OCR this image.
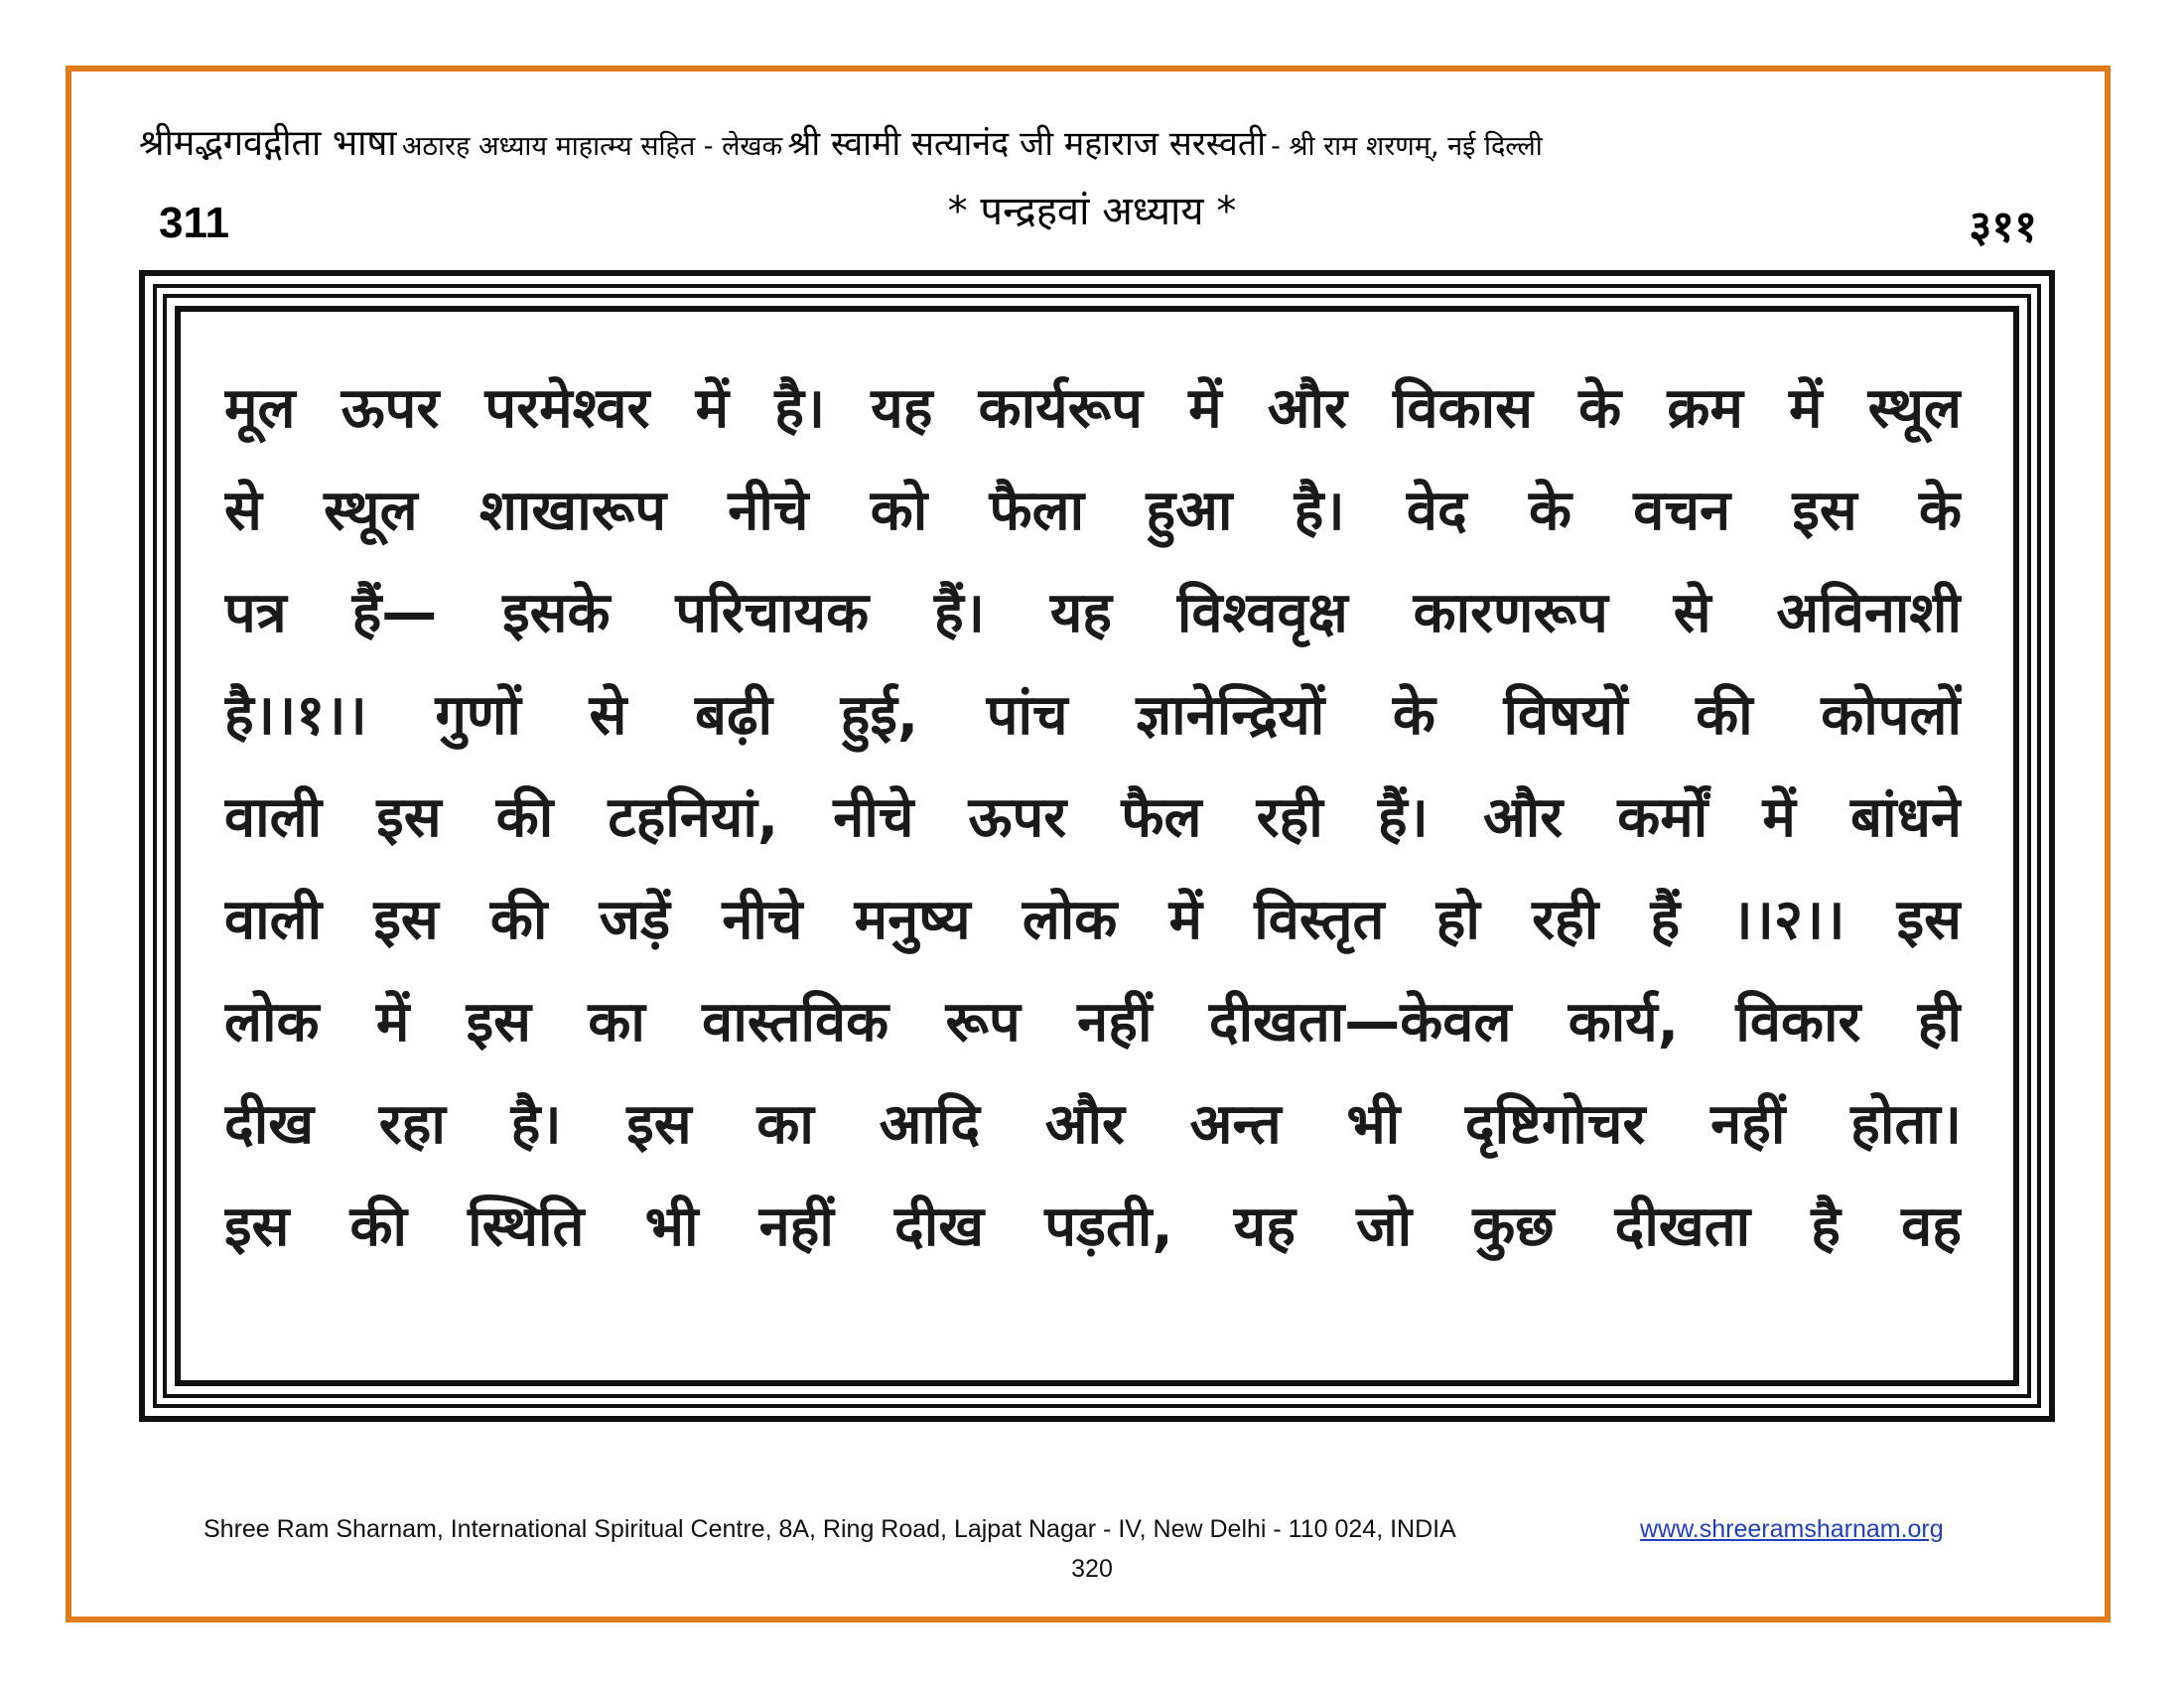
श्रीमद्भगवद्गीता भाषा अठारह अध्याय माहात्म्य सहित - लेखक श्री स्वामी सत्यानंद जी महाराज सरस्वती - श्री राम शरणम्, नई दिल्ली
311	* पन्द्रहवां अध्याय *	३११
मूल ऊपर परमेश्वर में है। यह कार्यरूप में और विकास के क्रम में स्थूल
से स्थूल शाखारूप नीचे को फैला हुआ है। वेद के वचन इस के
पत्र हैं— इसके परिचायक हैं। यह विश्ववृक्ष कारणरूप से अविनाशी
है।।१।। गुणों से बढ़ी हुई, पांच ज्ञानेन्द्रियों के विषयों की कोपलों
वाली इस की टहनियां, नीचे ऊपर फैल रही हैं। और कर्मों में बांधने
वाली इस की जड़ें नीचे मनुष्य लोक में विस्तृत हो रही हैं ।।२।। इस
लोक में इस का वास्तविक रूप नहीं दीखता—केवल कार्य, विकार ही
दीख रहा है। इस का आदि और अन्त भी दृष्टिगोचर नहीं होता।
इस की स्थिति भी नहीं दीख पड़ती, यह जो कुछ दीखता है वह
Shree Ram Sharnam, International Spiritual Centre, 8A, Ring Road, Lajpat Nagar - IV, New Delhi - 110 024, INDIA	www.shreeramsharnam.org
320
